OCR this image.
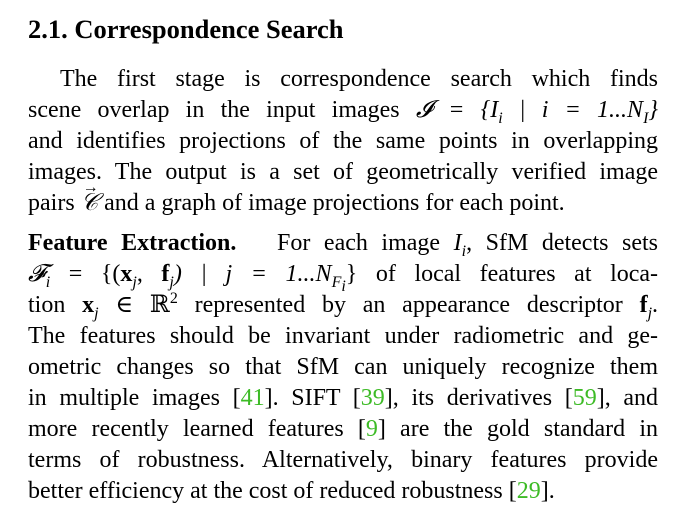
2.1. Correspondence Search
The first stage is correspondence search which finds
scene overlap in the input images 𝓘 = {$I_i$ | $i = 1...N_I$}
and identifies projections of the same points in overlapping
images. The output is a set of geometrically verified image
pairs → 𝒞 and a graph of image projections for each point.
Feature Extraction. For each image $I_i$, SfM detects sets
𝓕$_i$ = {($x_j$, $f_j$) | $j = 1...N_{F_i}$} of local features at loca-
tion $x_j$ ∈ ℝ$^2$ represented by an appearance descriptor $f_j$.
The features should be invariant under radiometric and ge-
ometric changes so that SfM can uniquely recognize them
in multiple images [41]. SIFT [39], its derivatives [59], and
more recently learned features [9] are the gold standard in
terms of robustness. Alternatively, binary features provide
better efficiency at the cost of reduced robustness [29].
